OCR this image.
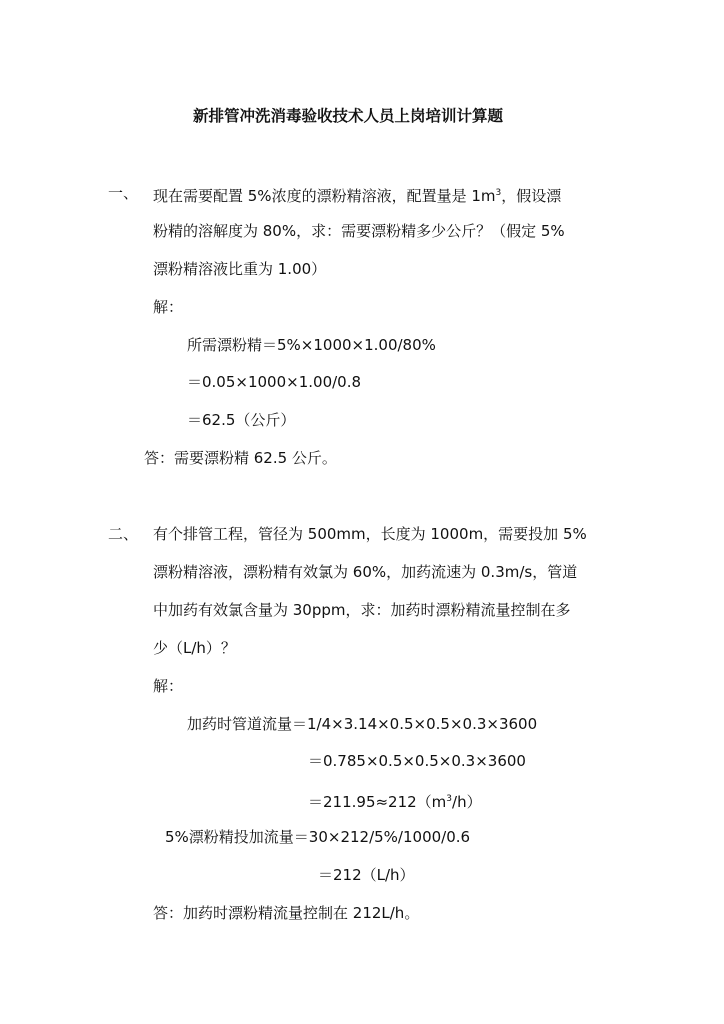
新排管冲洗消毒验收技术人员上岗培训计算题
一、 现在需要配置 5%浓度的漂粉精溶液，配置量是 $1m^3$，假设漂
粉精的溶解度为 80%，求：需要漂粉精多少公斤？（假定 5%
漂粉精溶液比重为 1.00）
解：
所需漂粉精＝5%×1000×1.00/80%
＝0.05×1000×1.00/0.8
＝62.5（公斤）
答：需要漂粉精 62.5 公斤。
二、 有个排管工程，管径为 500mm，长度为 1000m，需要投加 5%
漂粉精溶液，漂粉精有效氯为 60%，加药流速为 0.3m/s，管道
中加药有效氯含量为 30ppm，求：加药时漂粉精流量控制在多
少（L/h）？
解：
加药时管道流量＝1/4×3.14×0.5×0.5×0.3×3600
＝0.785×0.5×0.5×0.3×3600
$=211.95\approx 212(m^3/h)$
5%漂粉精投加流量＝30×212/5%/1000/0.6
＝212（L/h）
答：加药时漂粉精流量控制在 212L/h。
